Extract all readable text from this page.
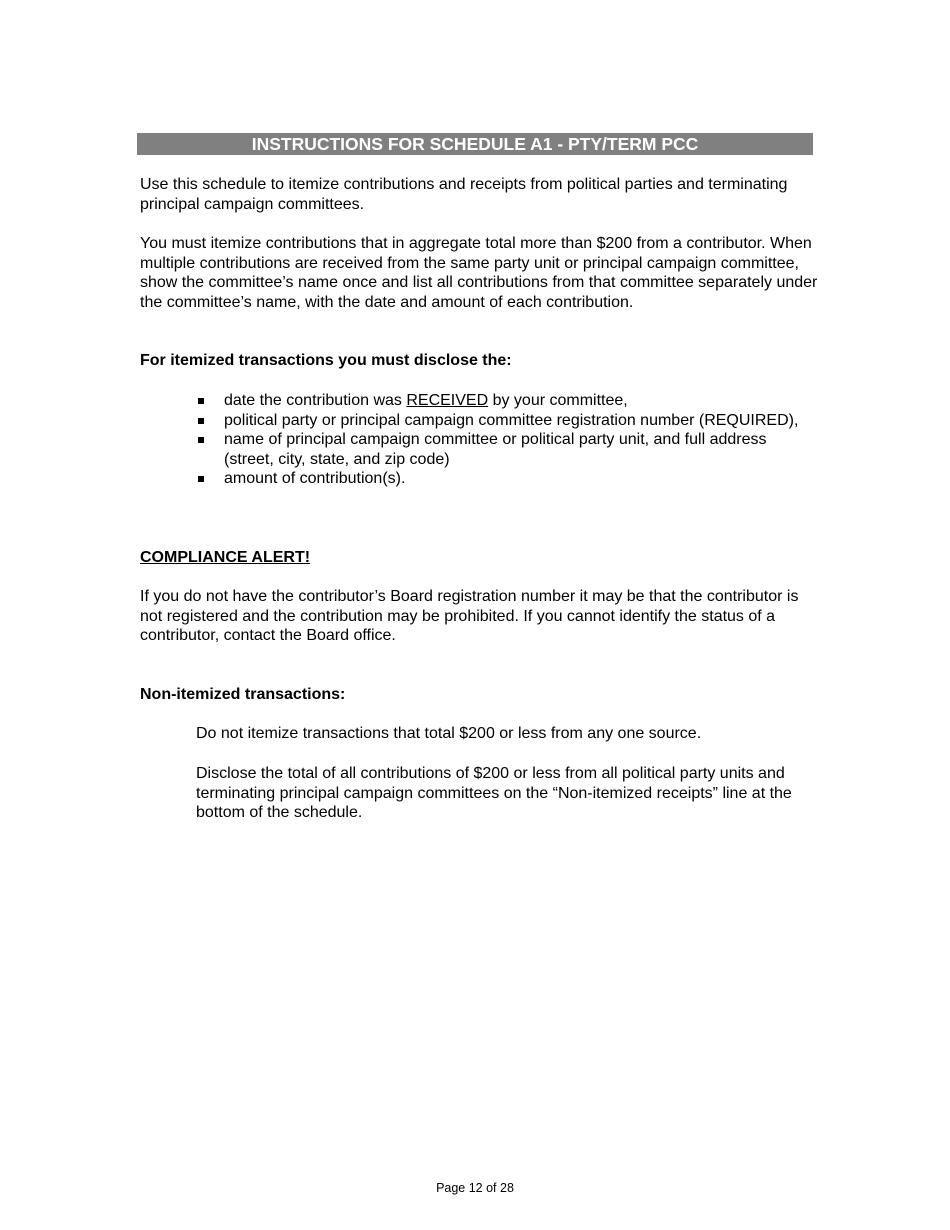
INSTRUCTIONS FOR SCHEDULE A1 - PTY/TERM PCC
Use this schedule to itemize contributions and receipts from political parties and terminating principal campaign committees.
You must itemize contributions that in aggregate total more than $200 from a contributor. When multiple contributions are received from the same party unit or principal campaign committee, show the committee’s name once and list all contributions from that committee separately under the committee’s name, with the date and amount of each contribution.
For itemized transactions you must disclose the:
date the contribution was RECEIVED by your committee,
political party or principal campaign committee registration number (REQUIRED),
name of principal campaign committee or political party unit, and full address (street, city, state, and zip code)
amount of contribution(s).
COMPLIANCE ALERT!
If you do not have the contributor’s Board registration number it may be that the contributor is not registered and the contribution may be prohibited. If you cannot identify the status of a contributor, contact the Board office.
Non-itemized transactions:
Do not itemize transactions that total $200 or less from any one source.
Disclose the total of all contributions of $200 or less from all political party units and terminating principal campaign committees on the “Non-itemized receipts” line at the bottom of the schedule.
Page 12 of 28
